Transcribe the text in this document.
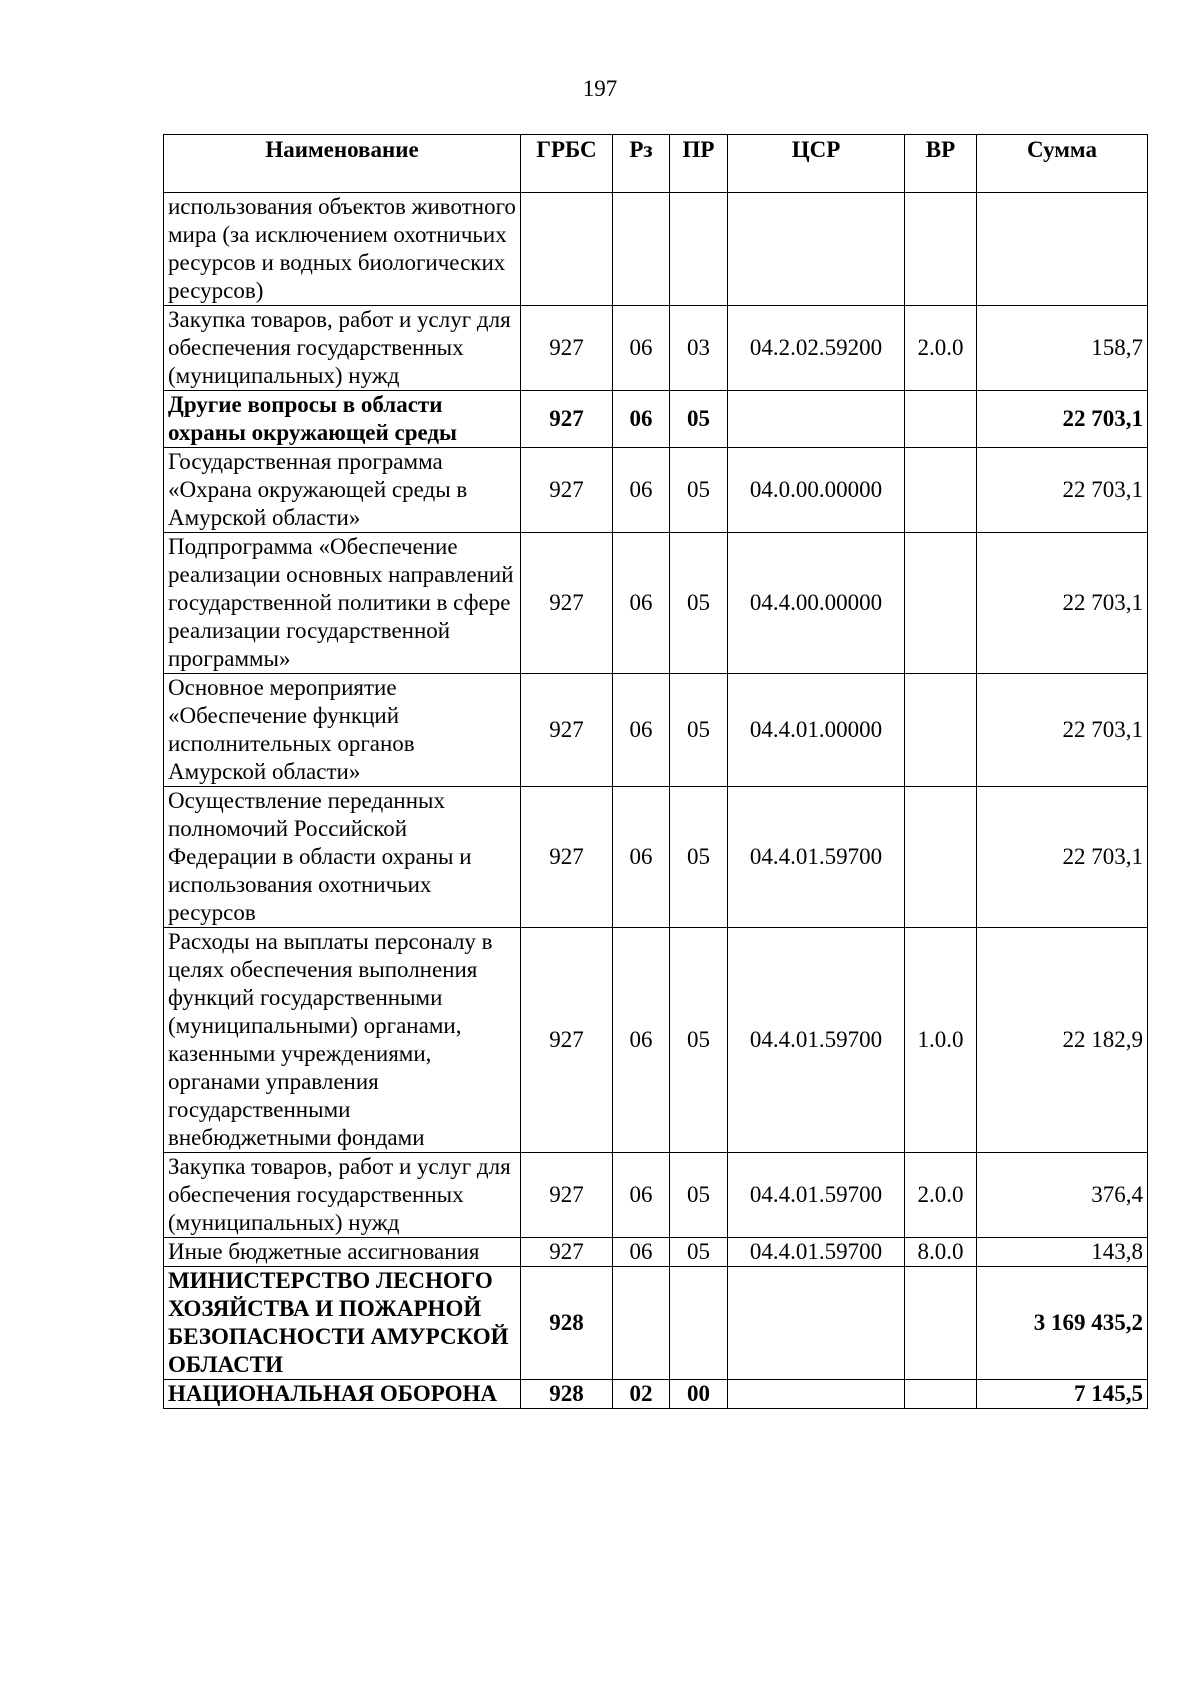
197
Наименование	ГРБС	Рз	ПР	ЦСР	ВР	Сумма
использования объектов животного мира (за исключением охотничьих ресурсов и водных биологических ресурсов)						
Закупка товаров, работ и услуг для обеспечения государственных (муниципальных) нужд	927	06	03	04.2.02.59200	2.0.0	158,7
Другие вопросы в области охраны окружающей среды	927	06	05			22 703,1
Государственная программа «Охрана окружающей среды в Амурской области»	927	06	05	04.0.00.00000		22 703,1
Подпрограмма «Обеспечение реализации основных направлений государственной политики в сфере реализации государственной программы»	927	06	05	04.4.00.00000		22 703,1
Основное мероприятие «Обеспечение функций исполнительных органов Амурской области»	927	06	05	04.4.01.00000		22 703,1
Осуществление переданных полномочий Российской Федерации в области охраны и использования охотничьих ресурсов	927	06	05	04.4.01.59700		22 703,1
Расходы на выплаты персоналу в целях обеспечения выполнения функций государственными (муниципальными) органами, казенными учреждениями, органами управления государственными внебюджетными фондами	927	06	05	04.4.01.59700	1.0.0	22 182,9
Закупка товаров, работ и услуг для обеспечения государственных (муниципальных) нужд	927	06	05	04.4.01.59700	2.0.0	376,4
Иные бюджетные ассигнования	927	06	05	04.4.01.59700	8.0.0	143,8
МИНИСТЕРСТВО ЛЕСНОГО ХОЗЯЙСТВА И ПОЖАРНОЙ БЕЗОПАСНОСТИ АМУРСКОЙ ОБЛАСТИ	928					3 169 435,2
НАЦИОНАЛЬНАЯ ОБОРОНА	928	02	00			7 145,5
